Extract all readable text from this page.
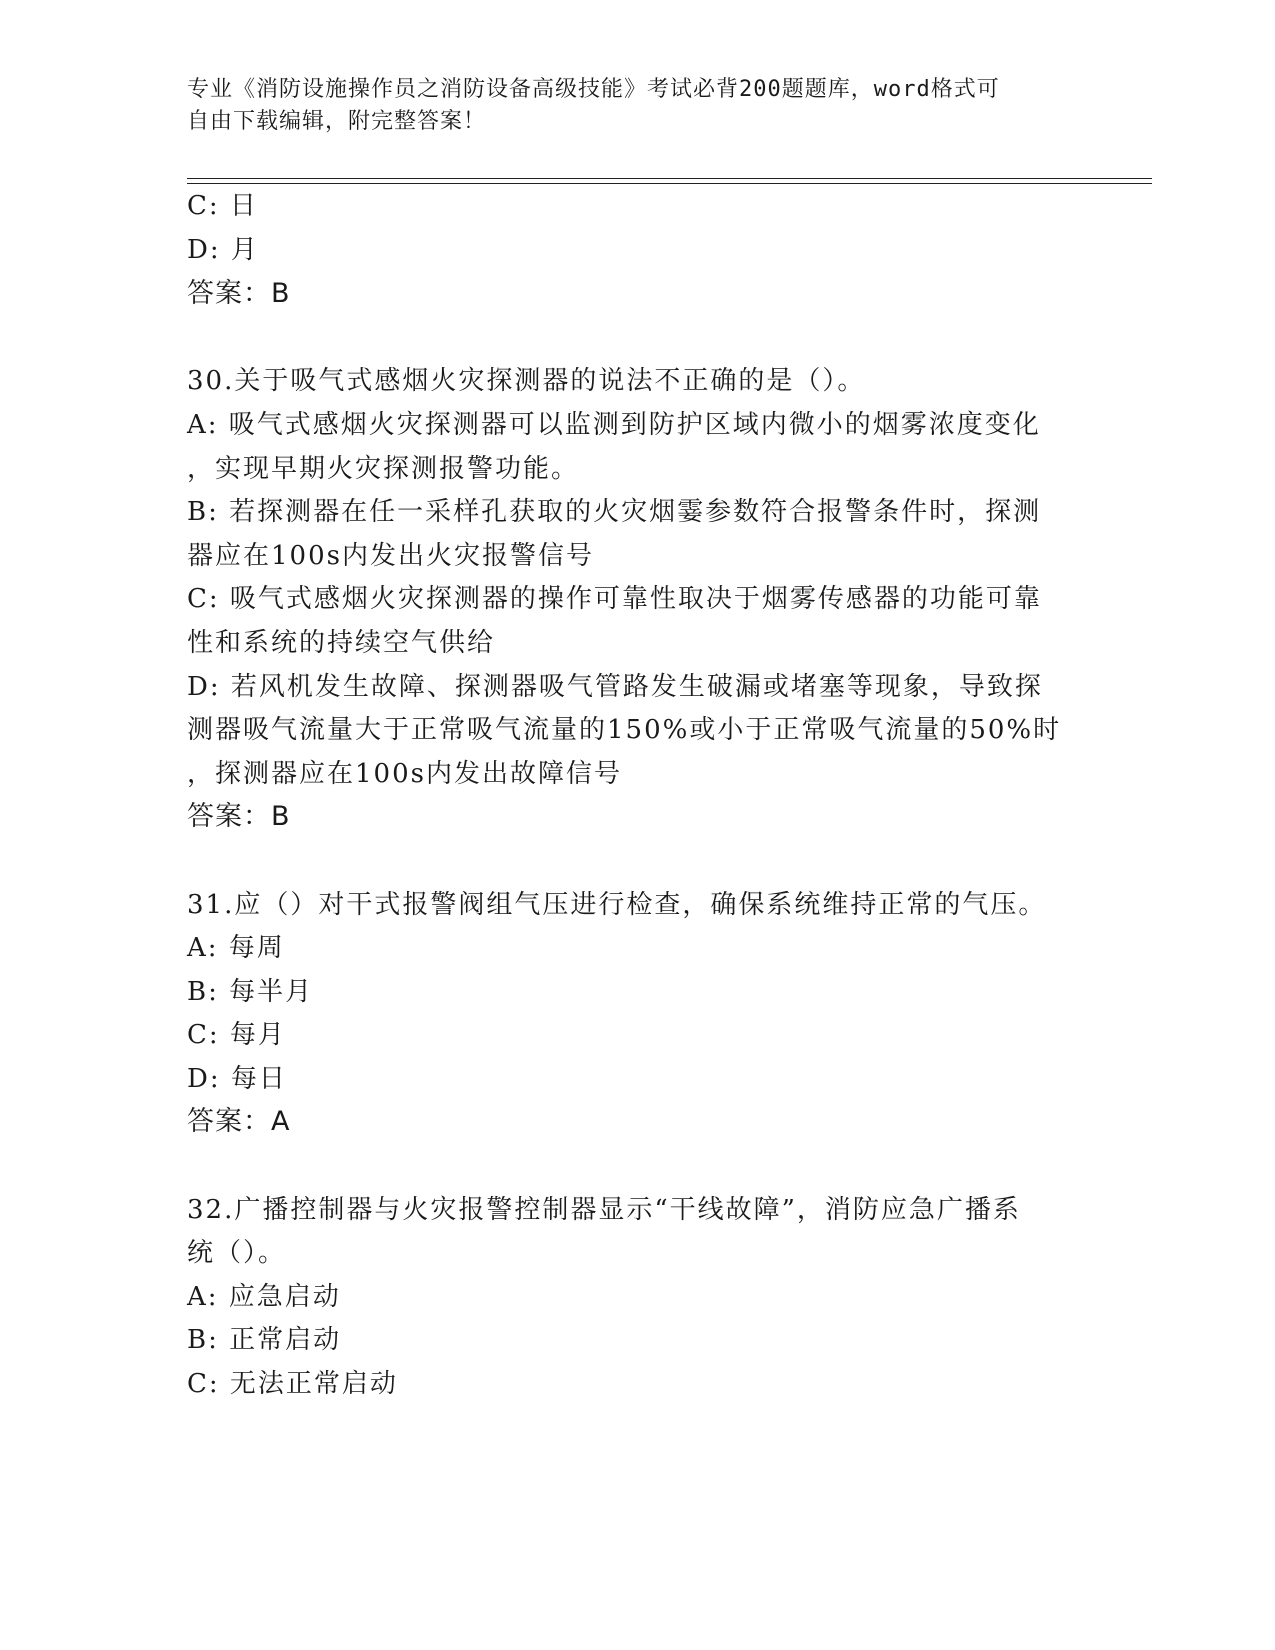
专业《消防设施操作员之消防设备高级技能》考试必背200题题库，word格式可
自由下载编辑，附完整答案！
C: 日
D: 月
答案：B
30.关于吸气式感烟火灾探测器的说法不正确的是（）。
A: 吸气式感烟火灾探测器可以监测到防护区域内微小的烟雾浓度变化
，实现早期火灾探测报警功能。
B: 若探测器在任一采样孔获取的火灾烟霎参数符合报警条件时，探测
器应在100s内发出火灾报警信号
C: 吸气式感烟火灾探测器的操作可靠性取决于烟雾传感器的功能可靠
性和系统的持续空气供给
D: 若风机发生故障、探测器吸气管路发生破漏或堵塞等现象，导致探
测器吸气流量大于正常吸气流量的150%或小于正常吸气流量的50%时
，探测器应在100s内发出故障信号
答案：B
31.应（）对干式报警阀组气压进行检查，确保系统维持正常的气压。
A: 每周
B: 每半月
C: 每月
D: 每日
答案：A
32.广播控制器与火灾报警控制器显示“干线故障”，消防应急广播系
统（）。
A: 应急启动
B: 正常启动
C: 无法正常启动
